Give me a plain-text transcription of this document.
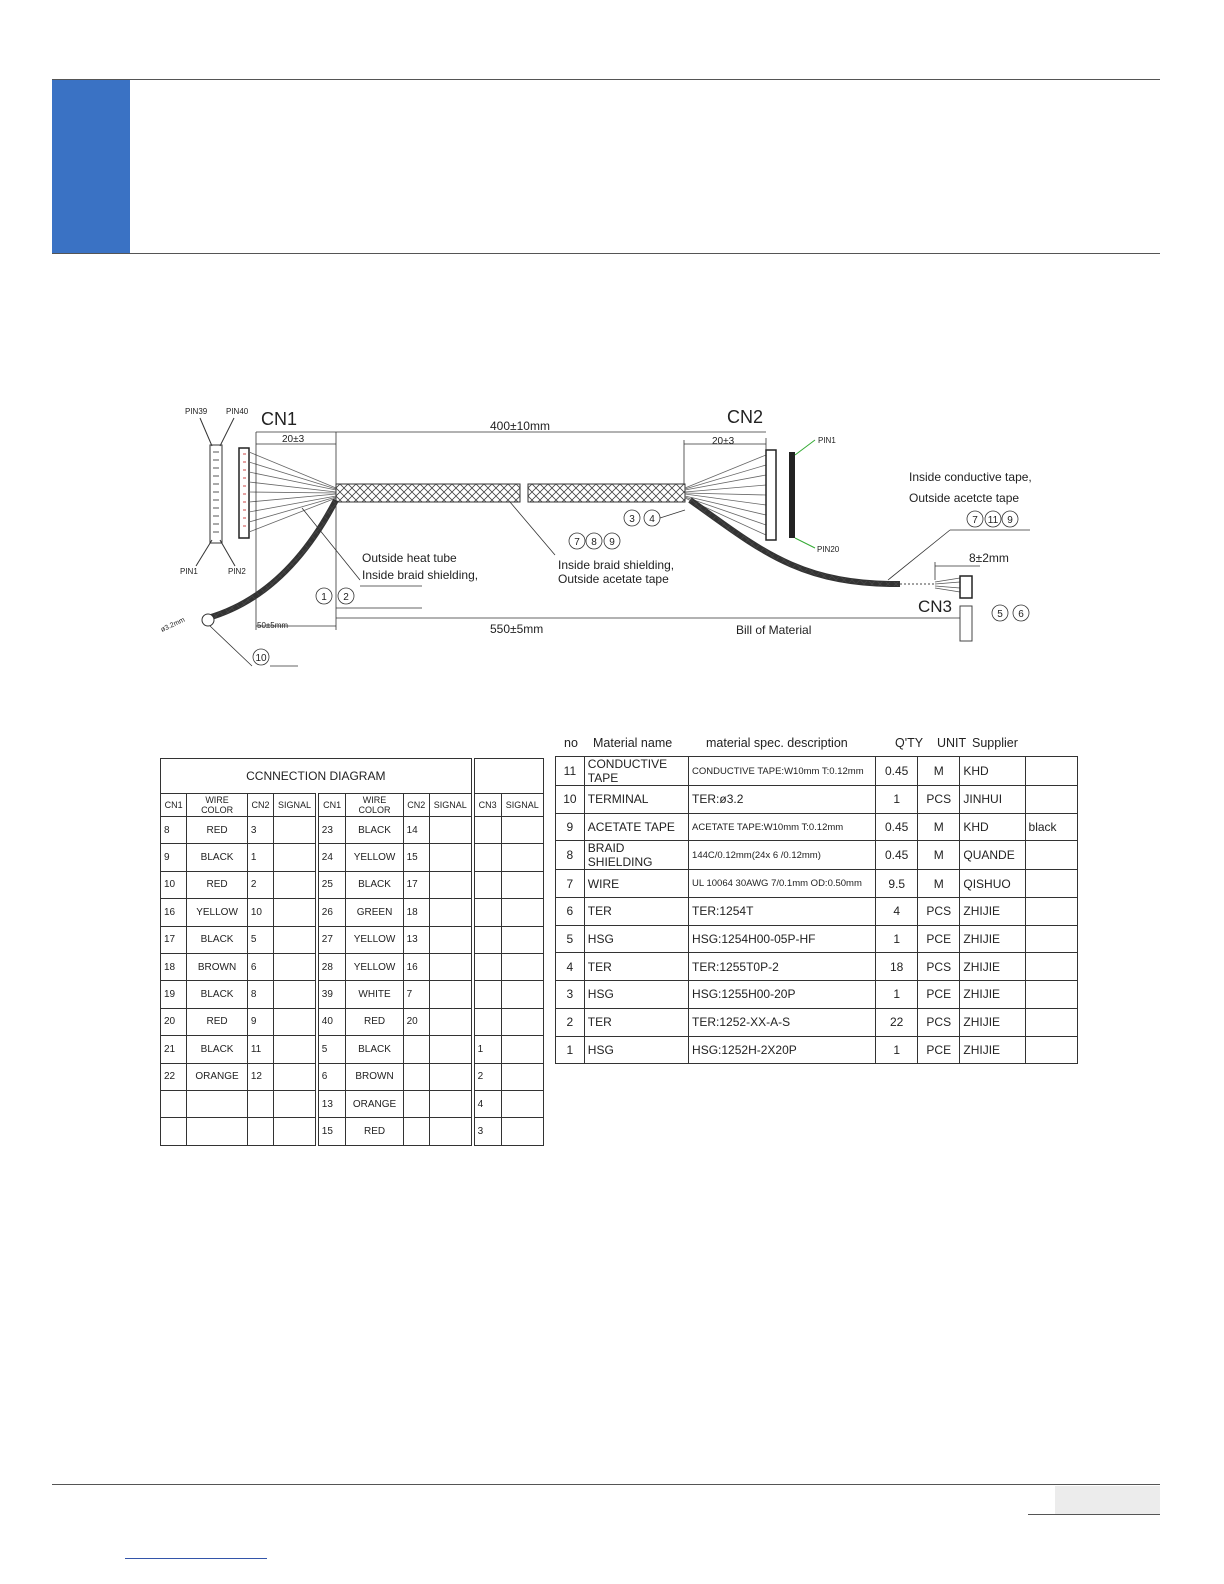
PIN39 PIN40
PIN1	PIN2
CN1
ø3.2mm
CN2
PIN1
PIN20
CN3
400±10mm
20±3	20±3
8±2mm
550±5mm
50±5mm
Outside heat tube
Inside braid shielding,
Inside braid shielding,
Outside acetate tape
Inside conductive tape,
Outside acetcte tape
Bill of Material
1 2
3 4
7 8 9
7 11 9
5 6
10
CCNNECTION DIAGRAM									
CN1	WIRE COLOR	CN2	SIGNAL	CN1	WIRE COLOR	CN2	SIGNAL	CN3	SIGNAL
8	RED	3		23	BLACK	14			
9	BLACK	1		24	YELLOW	15			
10	RED	2		25	BLACK	17			
16	YELLOW	10		26	GREEN	18			
17	BLACK	5		27	YELLOW	13			
18	BROWN	6		28	YELLOW	16			
19	BLACK	8		39	WHITE	7			
20	RED	9		40	RED	20			
21	BLACK	11		5	BLACK			1	
22	ORANGE	12		6	BROWN			2	
				13	ORANGE			4	
				15	RED			3	
no Material name	material spec. description	Q'TY UNIT Supplier
11	CONDUCTIVE TAPE	CONDUCTIVE TAPE:W10mm T:0.12mm	0.45	M	KHD	
10	TERMINAL	TER:ø3.2	1	PCS	JINHUI	
9	ACETATE TAPE	ACETATE TAPE:W10mm T:0.12mm	0.45	M	KHD	black
8	BRAID SHIELDING	144C/0.12mm(24x 6 /0.12mm)	0.45	M	QUANDE	
7	WIRE	UL 10064 30AWG 7/0.1mm OD:0.50mm	9.5	M	QISHUO	
6	TER	TER:1254T	4	PCS	ZHIJIE	
5	HSG	HSG:1254H00-05P-HF	1	PCE	ZHIJIE	
4	TER	TER:1255T0P-2	18	PCS	ZHIJIE	
3	HSG	HSG:1255H00-20P	1	PCE	ZHIJIE	
2	TER	TER:1252-XX-A-S	22	PCS	ZHIJIE	
1	HSG	HSG:1252H-2X20P	1	PCE	ZHIJIE	
